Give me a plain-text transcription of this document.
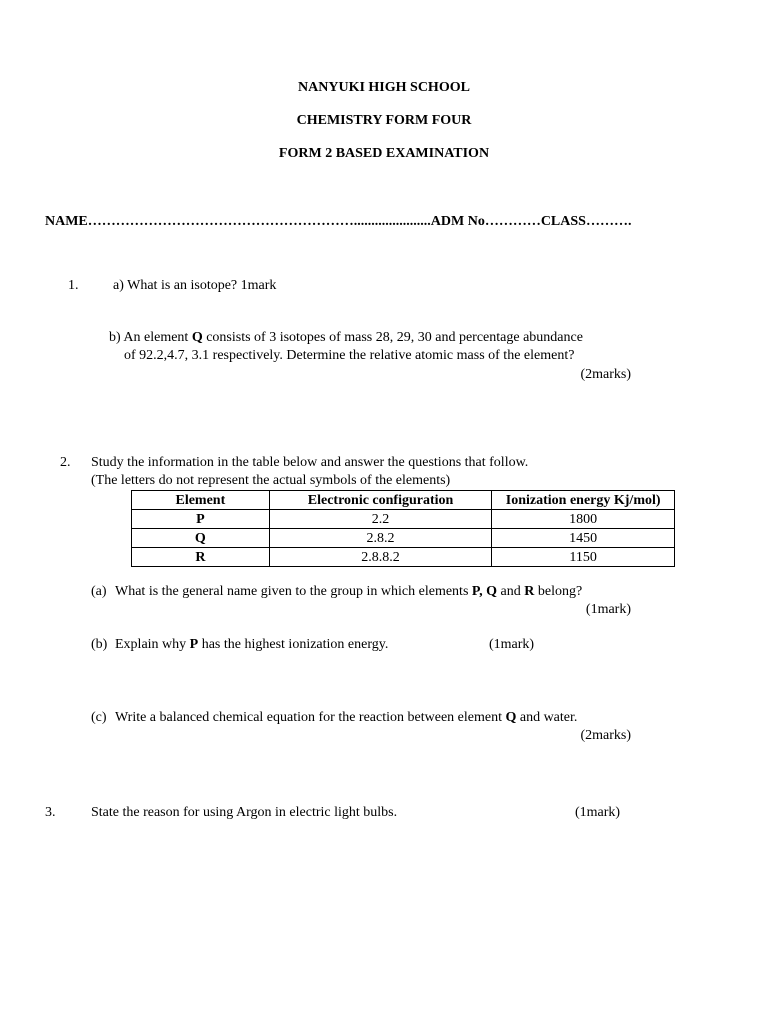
NANYUKI HIGH SCHOOL
CHEMISTRY FORM FOUR
FORM 2 BASED EXAMINATION
NAME…………………………………………………......................ADM No…………CLASS……….
1. a) What is an isotope? 1mark
b) An element Q consists of 3 isotopes of mass 28, 29, 30 and percentage abundance
of 92.2,4.7, 3.1 respectively. Determine the relative atomic mass of the element?
(2marks)
2. Study the information in the table below and answer the questions that follow.
(The letters do not represent the actual symbols of the elements)
Element	Electronic configuration	Ionization energy Kj/mol)
P	2.2	1800
Q	2.8.2	1450
R	2.8.8.2	1150
(a) What is the general name given to the group in which elements P, Q and R belong?
(1mark)
(b) Explain why P has the highest ionization energy.	(1mark)
(c) Write a balanced chemical equation for the reaction between element Q and water.
(2marks)
3.	State the reason for using Argon in electric light bulbs.	(1mark)
